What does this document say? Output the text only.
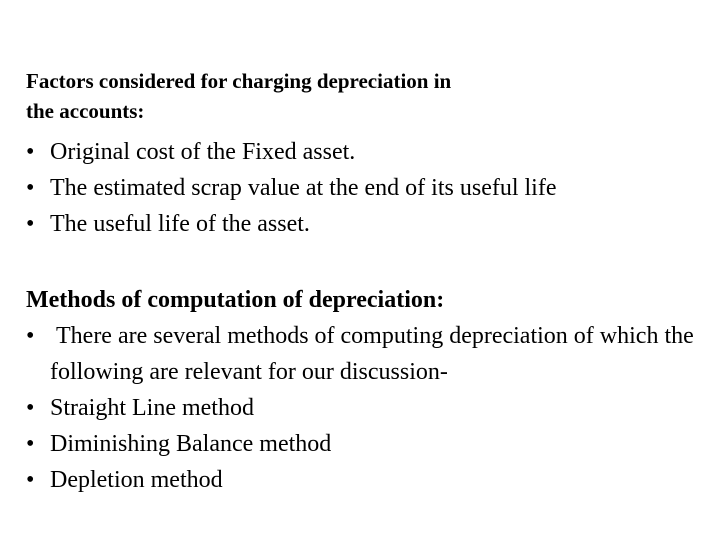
Factors considered for charging depreciation in
the accounts:
• Original cost of the Fixed asset.
• The estimated scrap value at the end of its useful life
• The useful life of the asset.
Methods of computation of depreciation:
• There are several methods of computing depreciation of which the following are relevant for our discussion-
• Straight Line method
• Diminishing Balance method
• Depletion method
